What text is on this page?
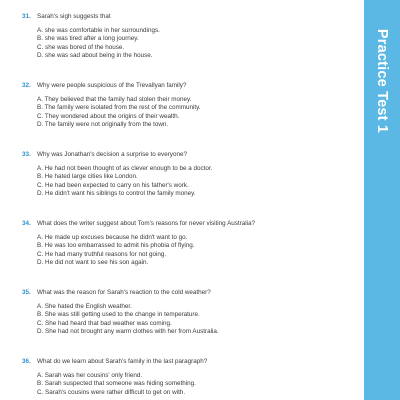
Practice Test 1
31. Sarah's sigh suggests that
A. she was comfortable in her surroundings.
B. she was tired after a long journey.
C. she was bored of the house.
D. she was sad about being in the house.
32. Why were people suspicious of the Trevallyan family?
A. They believed that the family had stolen their money.
B. The family were isolated from the rest of the community.
C. They wondered about the origins of their wealth.
D. The family were not originally from the town.
33. Why was Jonathan's decision a surprise to everyone?
A. He had not been thought of as clever enough to be a doctor.
B. He hated large cities like London.
C. He had been expected to carry on his father's work.
D. He didn't want his siblings to control the family money.
34. What does the writer suggest about Tom's reasons for never visiting Australia?
A. He made up excuses because he didn't want to go.
B. He was too embarrassed to admit his phobia of flying.
C. He had many truthful reasons for not going.
D. He did not want to see his son again.
35. What was the reason for Sarah's reaction to the cold weather?
A. She hated the English weather.
B. She was still getting used to the change in temperature.
C. She had heard that bad weather was coming.
D. She had not brought any warm clothes with her from Australia.
36. What do we learn about Sarah's family in the last paragraph?
A. Sarah was her cousins' only friend.
B. Sarah suspected that someone was hiding something.
C. Sarah's cousins were rather difficult to get on with.
